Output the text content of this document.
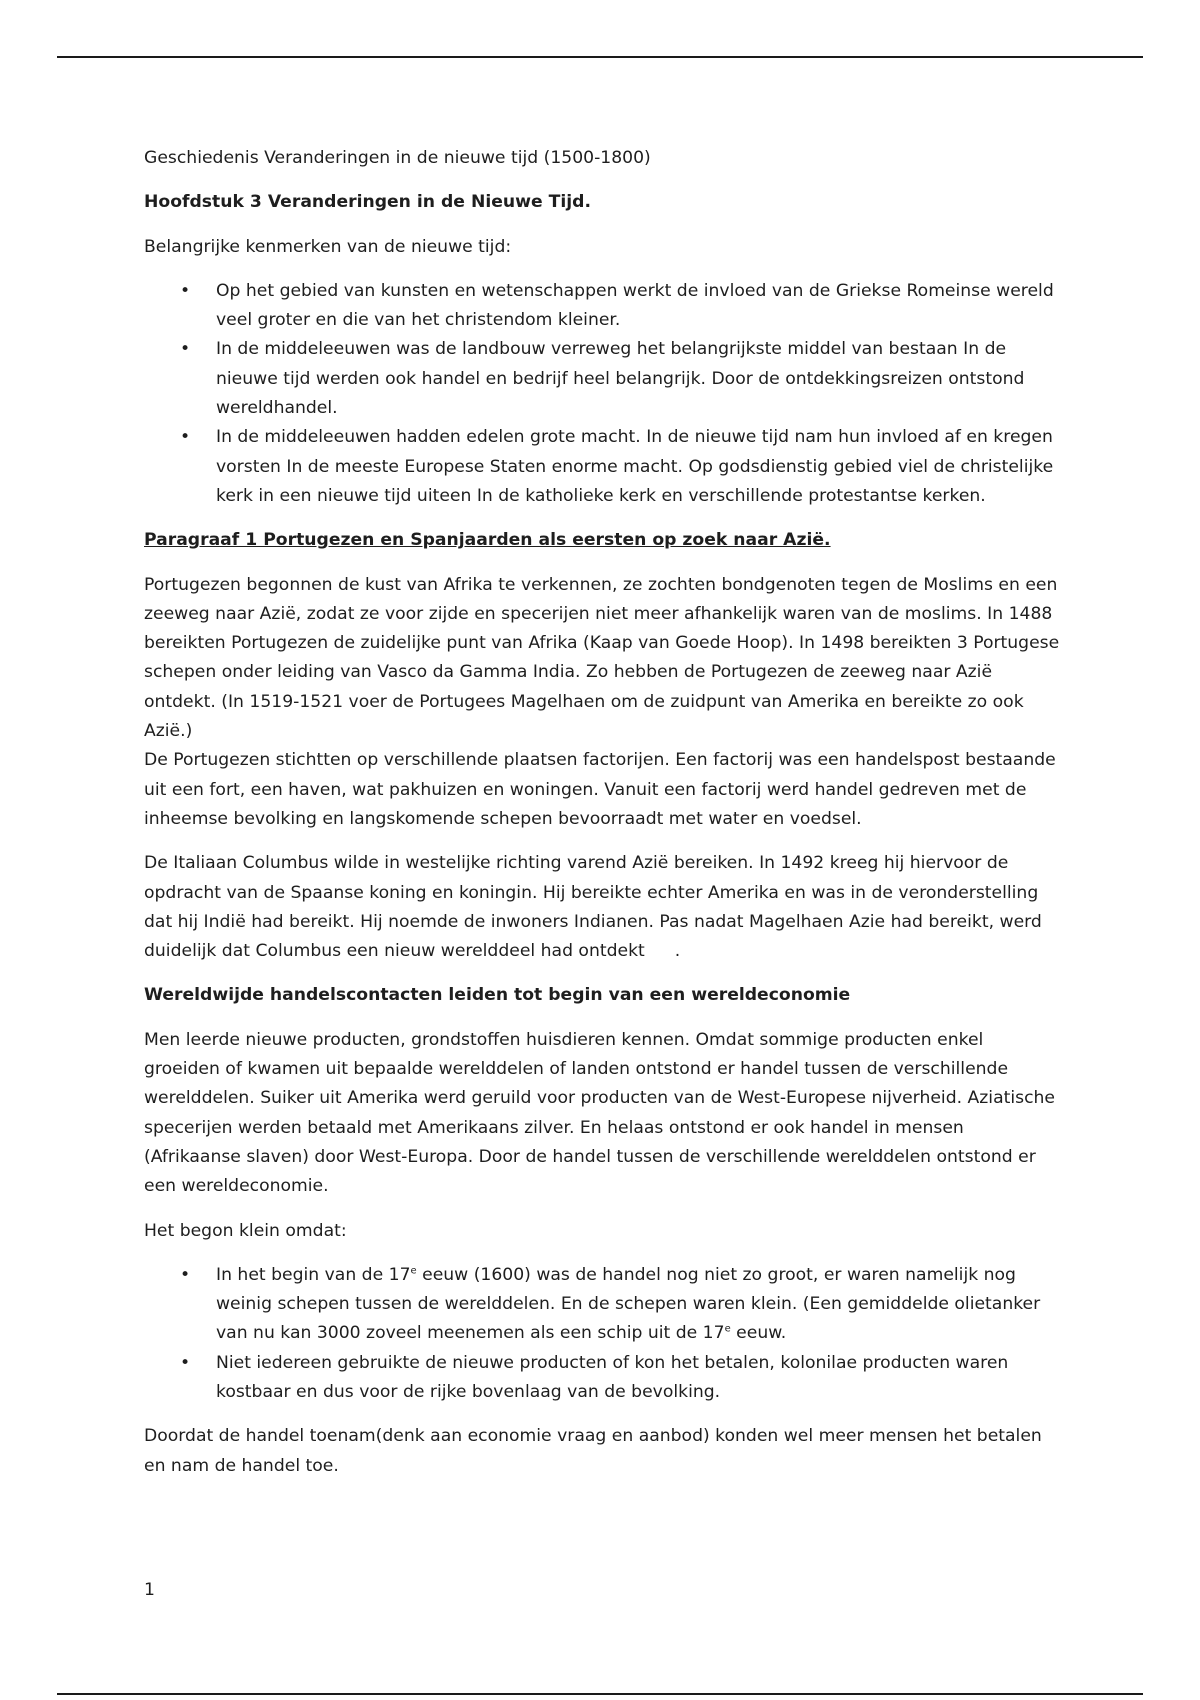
Geschiedenis Veranderingen in de nieuwe tijd (1500-1800)

Hoofdstuk 3 Veranderingen in de Nieuwe Tijd.

Belangrijke kenmerken van de nieuwe tijd:

•	Op het gebied van kunsten en wetenschappen werkt de invloed van de Griekse Romeinse wereld veel groter en die van het christendom kleiner.
•	In de middeleeuwen was de landbouw verreweg het belangrijkste middel van bestaan In de nieuwe tijd werden ook handel en bedrijf heel belangrijk. Door de ontdekkingsreizen ontstond wereldhandel.
•	In de middeleeuwen hadden edelen grote macht. In de nieuwe tijd nam hun invloed af en kregen vorsten In de meeste Europese Staten enorme macht. Op godsdienstig gebied viel de christelijke kerk in een nieuwe tijd uiteen In de katholieke kerk en verschillende protestantse kerken.

Paragraaf 1 Portugezen en Spanjaarden als eersten op zoek naar Azië.

Portugezen begonnen de kust van Afrika te verkennen, ze zochten bondgenoten tegen de Moslims en een zeeweg naar Azië, zodat ze voor zijde en specerijen niet meer afhankelijk waren van de moslims. In 1488 bereikten Portugezen de zuidelijke punt van Afrika (Kaap van Goede Hoop). In 1498 bereikten 3 Portugese schepen onder leiding van Vasco da Gamma India. Zo hebben de Portugezen de zeeweg naar Azië ontdekt. (In 1519-1521 voer de Portugees Magelhaen om de zuidpunt van Amerika en bereikte zo ook Azië.)
De Portugezen stichtten op verschillende plaatsen factorijen. Een factorij was een handelspost bestaande uit een fort, een haven, wat pakhuizen en woningen. Vanuit een factorij werd handel gedreven met de inheemse bevolking en langskomende schepen bevoorraadt met water en voedsel.

De Italiaan Columbus wilde in westelijke richting varend Azië bereiken. In 1492 kreeg hij hiervoor de opdracht van de Spaanse koning en koningin. Hij bereikte echter Amerika en was in de veronderstelling dat hij Indië had bereikt. Hij noemde de inwoners Indianen. Pas nadat Magelhaen Azie had bereikt, werd duidelijk dat Columbus een nieuw werelddeel had ontdekt .

Wereldwijde handelscontacten leiden tot begin van een wereldeconomie

Men leerde nieuwe producten, grondstoffen huisdieren kennen. Omdat sommige producten enkel groeiden of kwamen uit bepaalde werelddelen of landen ontstond er handel tussen de verschillende werelddelen. Suiker uit Amerika werd geruild voor producten van de West-Europese nijverheid. Aziatische specerijen werden betaald met Amerikaans zilver. En helaas ontstond er ook handel in mensen (Afrikaanse slaven) door West-Europa. Door de handel tussen de verschillende werelddelen ontstond er een wereldeconomie.

Het begon klein omdat:

•	In het begin van de 17e eeuw (1600) was de handel nog niet zo groot, er waren namelijk nog weinig schepen tussen de werelddelen. En de schepen waren klein. (Een gemiddelde olietanker van nu kan 3000 zoveel meenemen als een schip uit de 17e eeuw.
•	Niet iedereen gebruikte de nieuwe producten of kon het betalen, kolonilae producten waren kostbaar en dus voor de rijke bovenlaag van de bevolking.

Doordat de handel toenam(denk aan economie vraag en aanbod) konden wel meer mensen het betalen en nam de handel toe.

1
